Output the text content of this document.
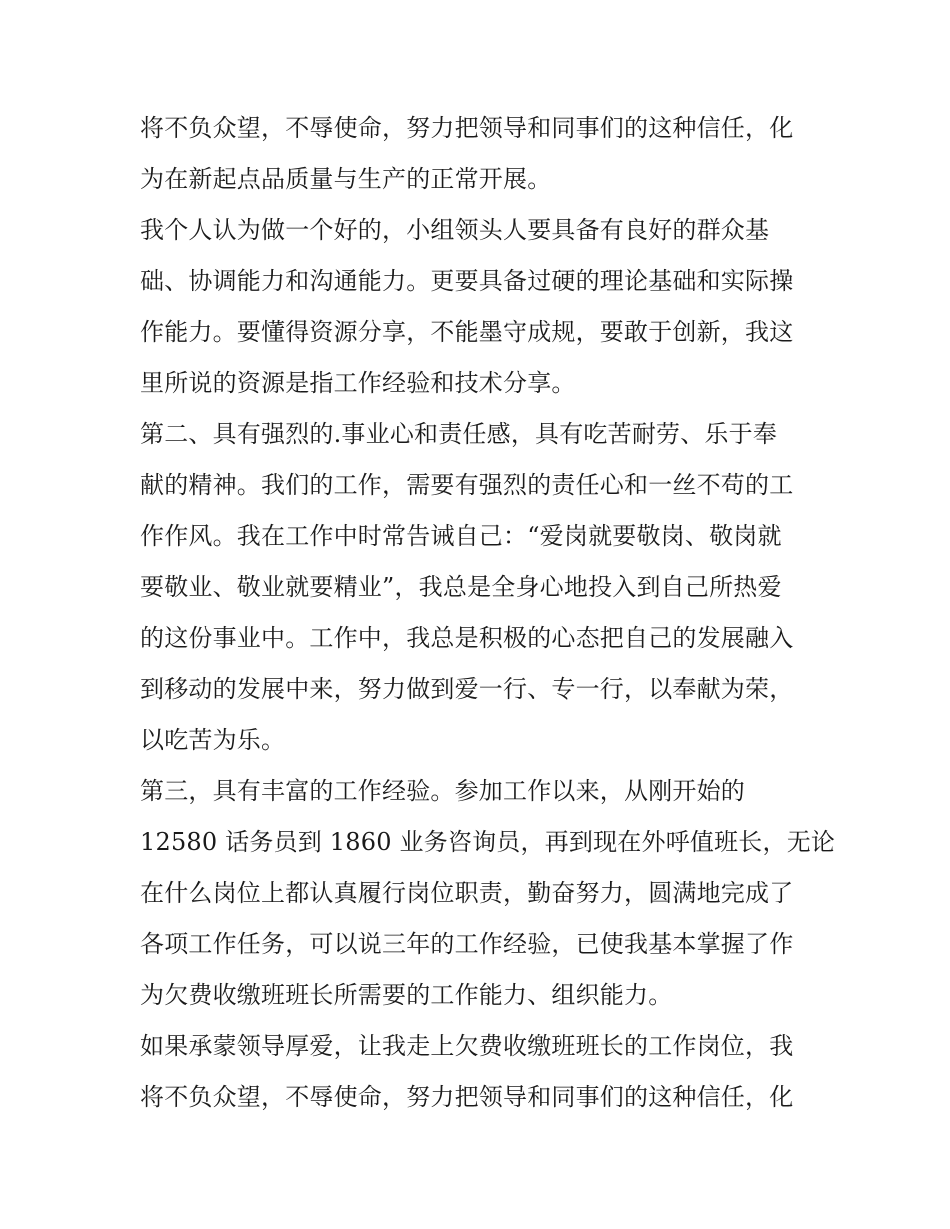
将不负众望，不辱使命，努力把领导和同事们的这种信任，化
为在新起点品质量与生产的正常开展。
我个人认为做一个好的，小组领头人要具备有良好的群众基
础、协调能力和沟通能力。更要具备过硬的理论基础和实际操
作能力。要懂得资源分享，不能墨守成规，要敢于创新，我这
里所说的资源是指工作经验和技术分享。
第二、具有强烈的.事业心和责任感，具有吃苦耐劳、乐于奉
献的精神。我们的工作，需要有强烈的责任心和一丝不苟的工
作作风。我在工作中时常告诫自己：“爱岗就要敬岗、敬岗就
要敬业、敬业就要精业”，我总是全身心地投入到自己所热爱
的这份事业中。工作中，我总是积极的心态把自己的发展融入
到移动的发展中来，努力做到爱一行、专一行，以奉献为荣，
以吃苦为乐。
第三，具有丰富的工作经验。参加工作以来，从刚开始的
12580 话务员到 1860 业务咨询员，再到现在外呼值班长，无论
在什么岗位上都认真履行岗位职责，勤奋努力，圆满地完成了
各项工作任务，可以说三年的工作经验，已使我基本掌握了作
为欠费收缴班班长所需要的工作能力、组织能力。
如果承蒙领导厚爱，让我走上欠费收缴班班长的工作岗位，我
将不负众望，不辱使命，努力把领导和同事们的这种信任，化
